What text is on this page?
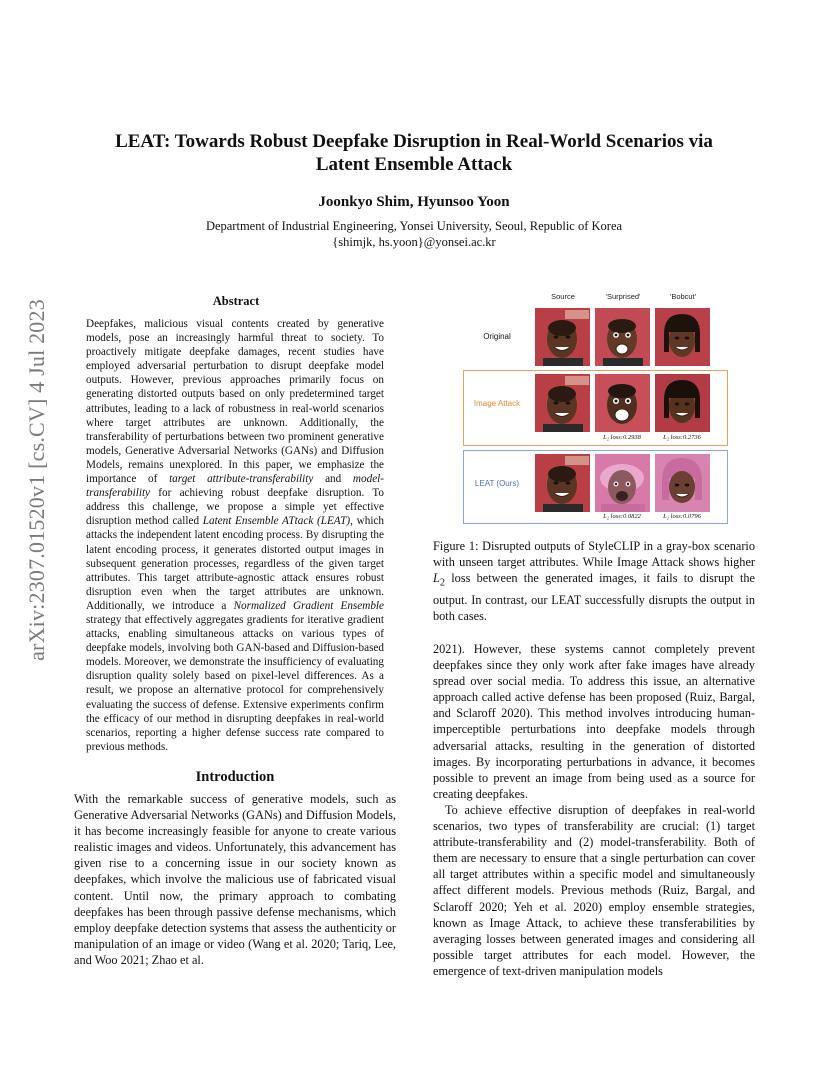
arXiv:2307.01520v1 [cs.CV] 4 Jul 2023
LEAT: Towards Robust Deepfake Disruption in Real-World Scenarios via
Latent Ensemble Attack
Joonkyo Shim, Hyunsoo Yoon
Department of Industrial Engineering, Yonsei University, Seoul, Republic of Korea
{shimjk, hs.yoon}@yonsei.ac.kr
Abstract

Deepfakes, malicious visual contents created by generative models, pose an increasingly harmful threat to society. To proactively mitigate deepfake damages, recent studies have employed adversarial perturbation to disrupt deepfake model outputs. However, previous approaches primarily focus on generating distorted outputs based on only predetermined target attributes, leading to a lack of robustness in real-world scenarios where target attributes are unknown. Additionally, the transferability of perturbations between two prominent generative models, Generative Adversarial Networks (GANs) and Diffusion Models, remains unexplored. In this paper, we emphasize the importance of target attribute-transferability and model-transferability for achieving robust deepfake disruption. To address this challenge, we propose a simple yet effective disruption method called Latent Ensemble ATtack (LEAT), which attacks the independent latent encoding process. By disrupting the latent encoding process, it generates distorted output images in subsequent generation processes, regardless of the given target attributes. This target attribute-agnostic attack ensures robust disruption even when the target attributes are unknown. Additionally, we introduce a Normalized Gradient Ensemble strategy that effectively aggregates gradients for iterative gradient attacks, enabling simultaneous attacks on various types of deepfake models, involving both GAN-based and Diffusion-based models. Moreover, we demonstrate the insufficiency of evaluating disruption quality solely based on pixel-level differences. As a result, we propose an alternative protocol for comprehensively evaluating the success of defense. Extensive experiments confirm the efficacy of our method in disrupting deepfakes in real-world scenarios, reporting a higher defense success rate compared to previous methods.

Introduction

With the remarkable success of generative models, such as Generative Adversarial Networks (GANs) and Diffusion Models, it has become increasingly feasible for anyone to create various realistic images and videos. Unfortunately, this advancement has given rise to a concerning issue in our society known as deepfakes, which involve the malicious use of fabricated visual content. Until now, the primary approach to combating deepfakes has been through passive defense mechanisms, which employ deepfake detection systems that assess the authenticity or manipulation of an image or video (Wang et al. 2020; Tariq, Lee, and Woo 2021; Zhao et al.

Source	'Surprised'	'Bobcut'
Original
Image Attack
L₂ loss:0.2938	L₂ loss:0.2736
LEAT (Ours)
L₂ loss:0.0822	L₂ loss:0.0796

Figure 1: Disrupted outputs of StyleCLIP in a gray-box scenario with unseen target attributes. While Image Attack shows higher $L_2$ loss between the generated images, it fails to disrupt the output. In contrast, our LEAT successfully disrupts the output in both cases.

2021). However, these systems cannot completely prevent deepfakes since they only work after fake images have already spread over social media. To address this issue, an alternative approach called active defense has been proposed (Ruiz, Bargal, and Sclaroff 2020). This method involves introducing human-imperceptible perturbations into deepfake models through adversarial attacks, resulting in the generation of distorted images. By incorporating perturbations in advance, it becomes possible to prevent an image from being used as a source for creating deepfakes.

To achieve effective disruption of deepfakes in real-world scenarios, two types of transferability are crucial: (1) target attribute-transferability and (2) model-transferability. Both of them are necessary to ensure that a single perturbation can cover all target attributes within a specific model and simultaneously affect different models. Previous methods (Ruiz, Bargal, and Sclaroff 2020; Yeh et al. 2020) employ ensemble strategies, known as Image Attack, to achieve these transferabilities by averaging losses between generated images and considering all possible target attributes for each model. However, the emergence of text-driven manipulation models
